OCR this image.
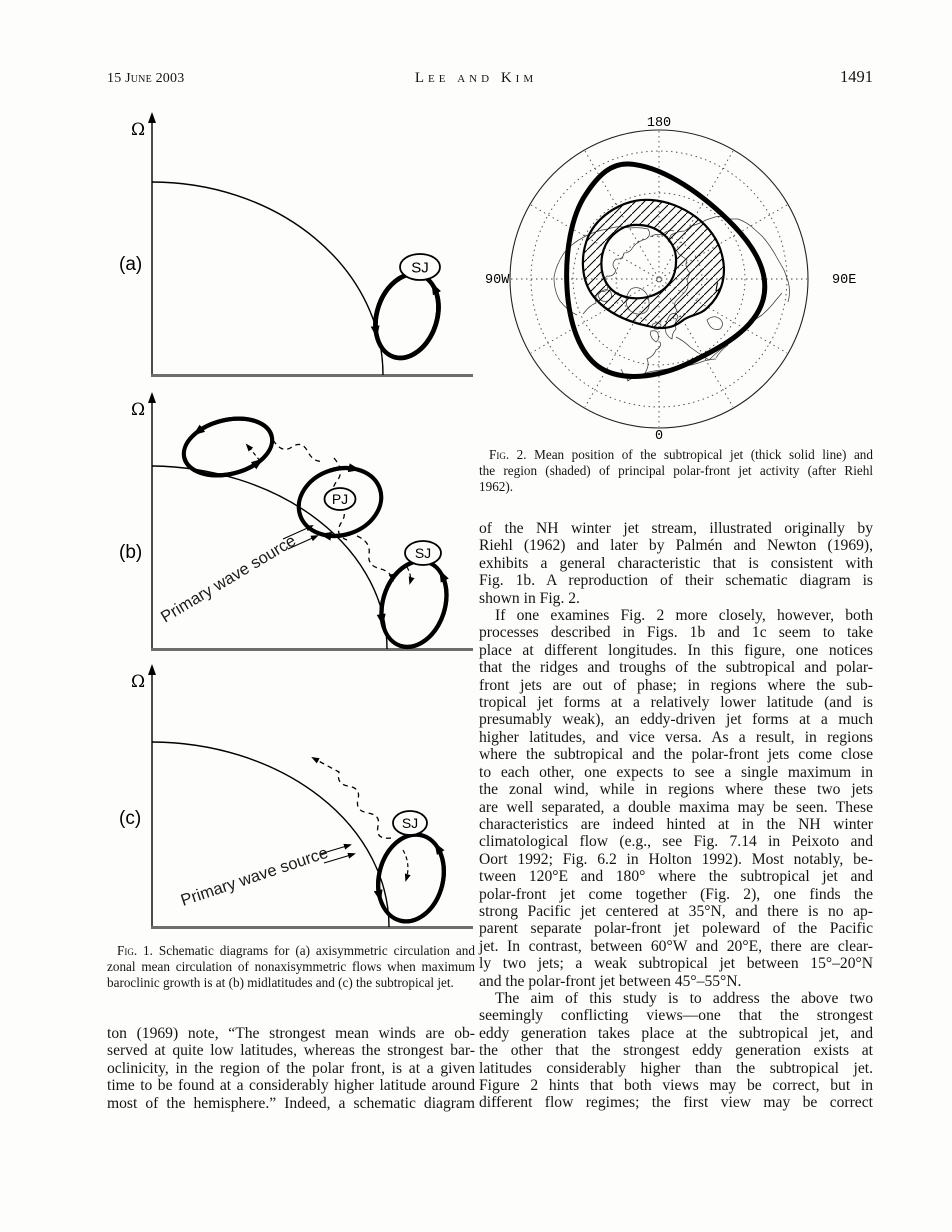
15 June 2003	Lee and Kim	1491
Ω
SJ
(a)
Ω
PJ
SJ
Primary wave source
(b)
Ω
SJ
Primary wave source
(c)
Fig. 1. Schematic diagrams for (a) axisymmetric circulation and
zonal mean circulation of nonaxisymmetric flows when maximum
baroclinic growth is at (b) midlatitudes and (c) the subtropical jet.
180
0
90W	90E
L
Fig. 2. Mean position of the subtropical jet (thick solid line) and
the region (shaded) of principal polar-front jet activity (after Riehl
1962).
ton (1969) note, “The strongest mean winds are ob-
served at quite low latitudes, whereas the strongest bar-
oclinicity, in the region of the polar front, is at a given
time to be found at a considerably higher latitude around
most of the hemisphere.” Indeed, a schematic diagram
of the NH winter jet stream, illustrated originally by
Riehl (1962) and later by Palmén and Newton (1969),
exhibits a general characteristic that is consistent with
Fig. 1b. A reproduction of their schematic diagram is
shown in Fig. 2.
If one examines Fig. 2 more closely, however, both
processes described in Figs. 1b and 1c seem to take
place at different longitudes. In this figure, one notices
that the ridges and troughs of the subtropical and polar-
front jets are out of phase; in regions where the sub-
tropical jet forms at a relatively lower latitude (and is
presumably weak), an eddy-driven jet forms at a much
higher latitudes, and vice versa. As a result, in regions
where the subtropical and the polar-front jets come close
to each other, one expects to see a single maximum in
the zonal wind, while in regions where these two jets
are well separated, a double maxima may be seen. These
characteristics are indeed hinted at in the NH winter
climatological flow (e.g., see Fig. 7.14 in Peixoto and
Oort 1992; Fig. 6.2 in Holton 1992). Most notably, be-
tween 120°E and 180° where the subtropical jet and
polar-front jet come together (Fig. 2), one finds the
strong Pacific jet centered at 35°N, and there is no ap-
parent separate polar-front jet poleward of the Pacific
jet. In contrast, between 60°W and 20°E, there are clear-
ly two jets; a weak subtropical jet between 15°–20°N
and the polar-front jet between 45°–55°N.
The aim of this study is to address the above two
seemingly conflicting views—one that the strongest
eddy generation takes place at the subtropical jet, and
the other that the strongest eddy generation exists at
latitudes considerably higher than the subtropical jet.
Figure 2 hints that both views may be correct, but in
different flow regimes; the first view may be correct
